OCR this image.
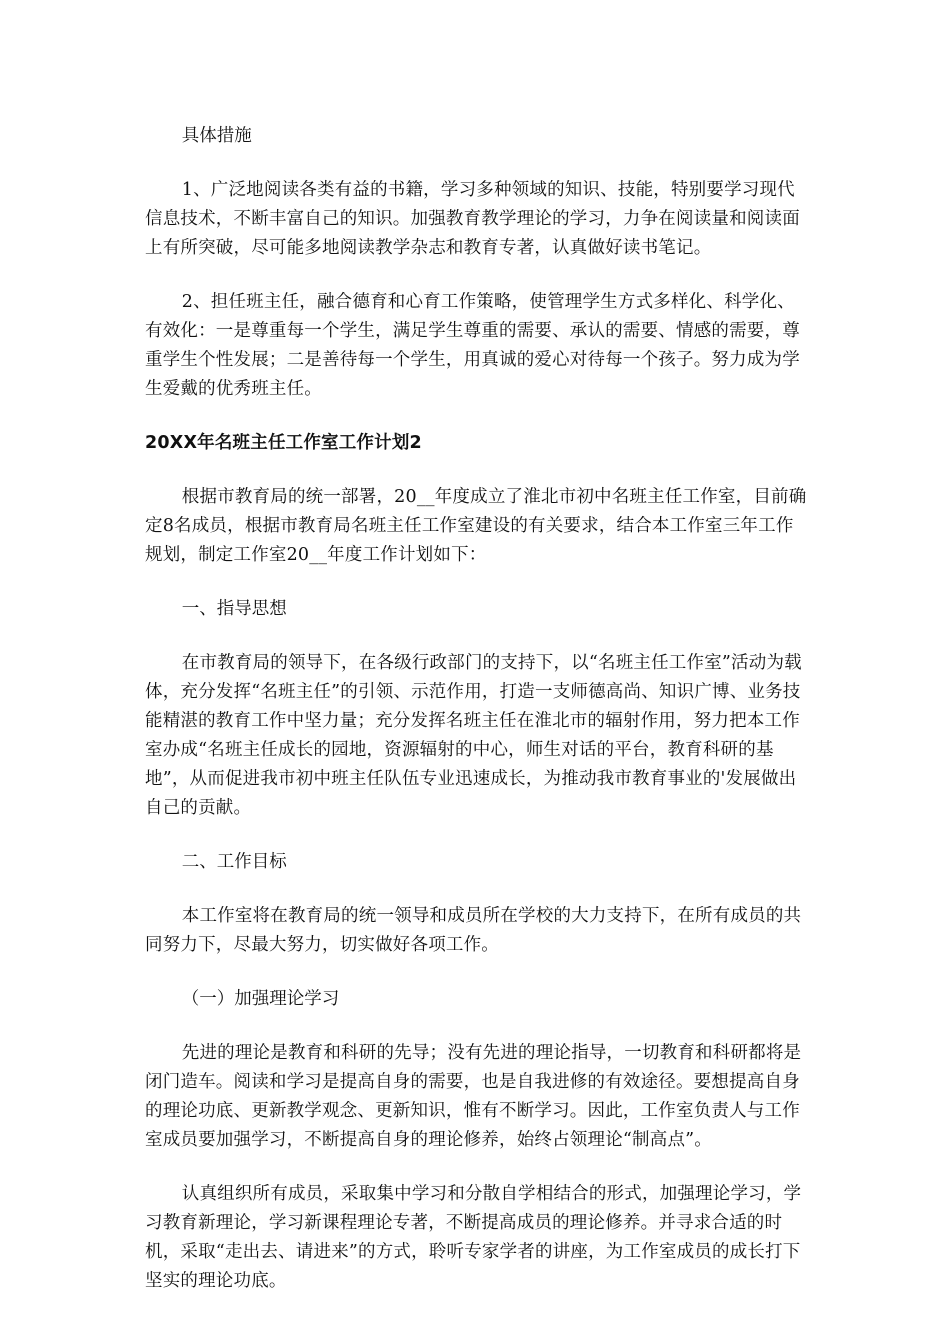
具体措施

1、广泛地阅读各类有益的书籍，学习多种领域的知识、技能，特别要学习现代信息技术，不断丰富自己的知识。加强教育教学理论的学习，力争在阅读量和阅读面上有所突破，尽可能多地阅读教学杂志和教育专著，认真做好读书笔记。

2、担任班主任，融合德育和心育工作策略，使管理学生方式多样化、科学化、有效化：一是尊重每一个学生，满足学生尊重的需要、承认的需要、情感的需要，尊重学生个性发展；二是善待每一个学生，用真诚的爱心对待每一个孩子。努力成为学生爱戴的优秀班主任。

20XX年名班主任工作室工作计划2

根据市教育局的统一部署，20__年度成立了淮北市初中名班主任工作室，目前确定8名成员，根据市教育局名班主任工作室建设的有关要求，结合本工作室三年工作规划，制定工作室20__年度工作计划如下：

一、指导思想

在市教育局的领导下，在各级行政部门的支持下，以“名班主任工作室”活动为载体，充分发挥“名班主任”的引领、示范作用，打造一支师德高尚、知识广博、业务技能精湛的教育工作中坚力量；充分发挥名班主任在淮北市的辐射作用，努力把本工作室办成“名班主任成长的园地，资源辐射的中心，师生对话的平台，教育科研的基地”，从而促进我市初中班主任队伍专业迅速成长，为推动我市教育事业的'发展做出自己的贡献。

二、工作目标

本工作室将在教育局的统一领导和成员所在学校的大力支持下，在所有成员的共同努力下，尽最大努力，切实做好各项工作。

（一）加强理论学习

先进的理论是教育和科研的先导；没有先进的理论指导，一切教育和科研都将是闭门造车。阅读和学习是提高自身的需要，也是自我进修的有效途径。要想提高自身的理论功底、更新教学观念、更新知识，惟有不断学习。因此，工作室负责人与工作室成员要加强学习，不断提高自身的理论修养，始终占领理论“制高点”。

认真组织所有成员，采取集中学习和分散自学相结合的形式，加强理论学习，学习教育新理论，学习新课程理论专著，不断提高成员的理论修养。并寻求合适的时机，采取“走出去、请进来”的方式，聆听专家学者的讲座，为工作室成员的成长打下坚实的理论功底。
